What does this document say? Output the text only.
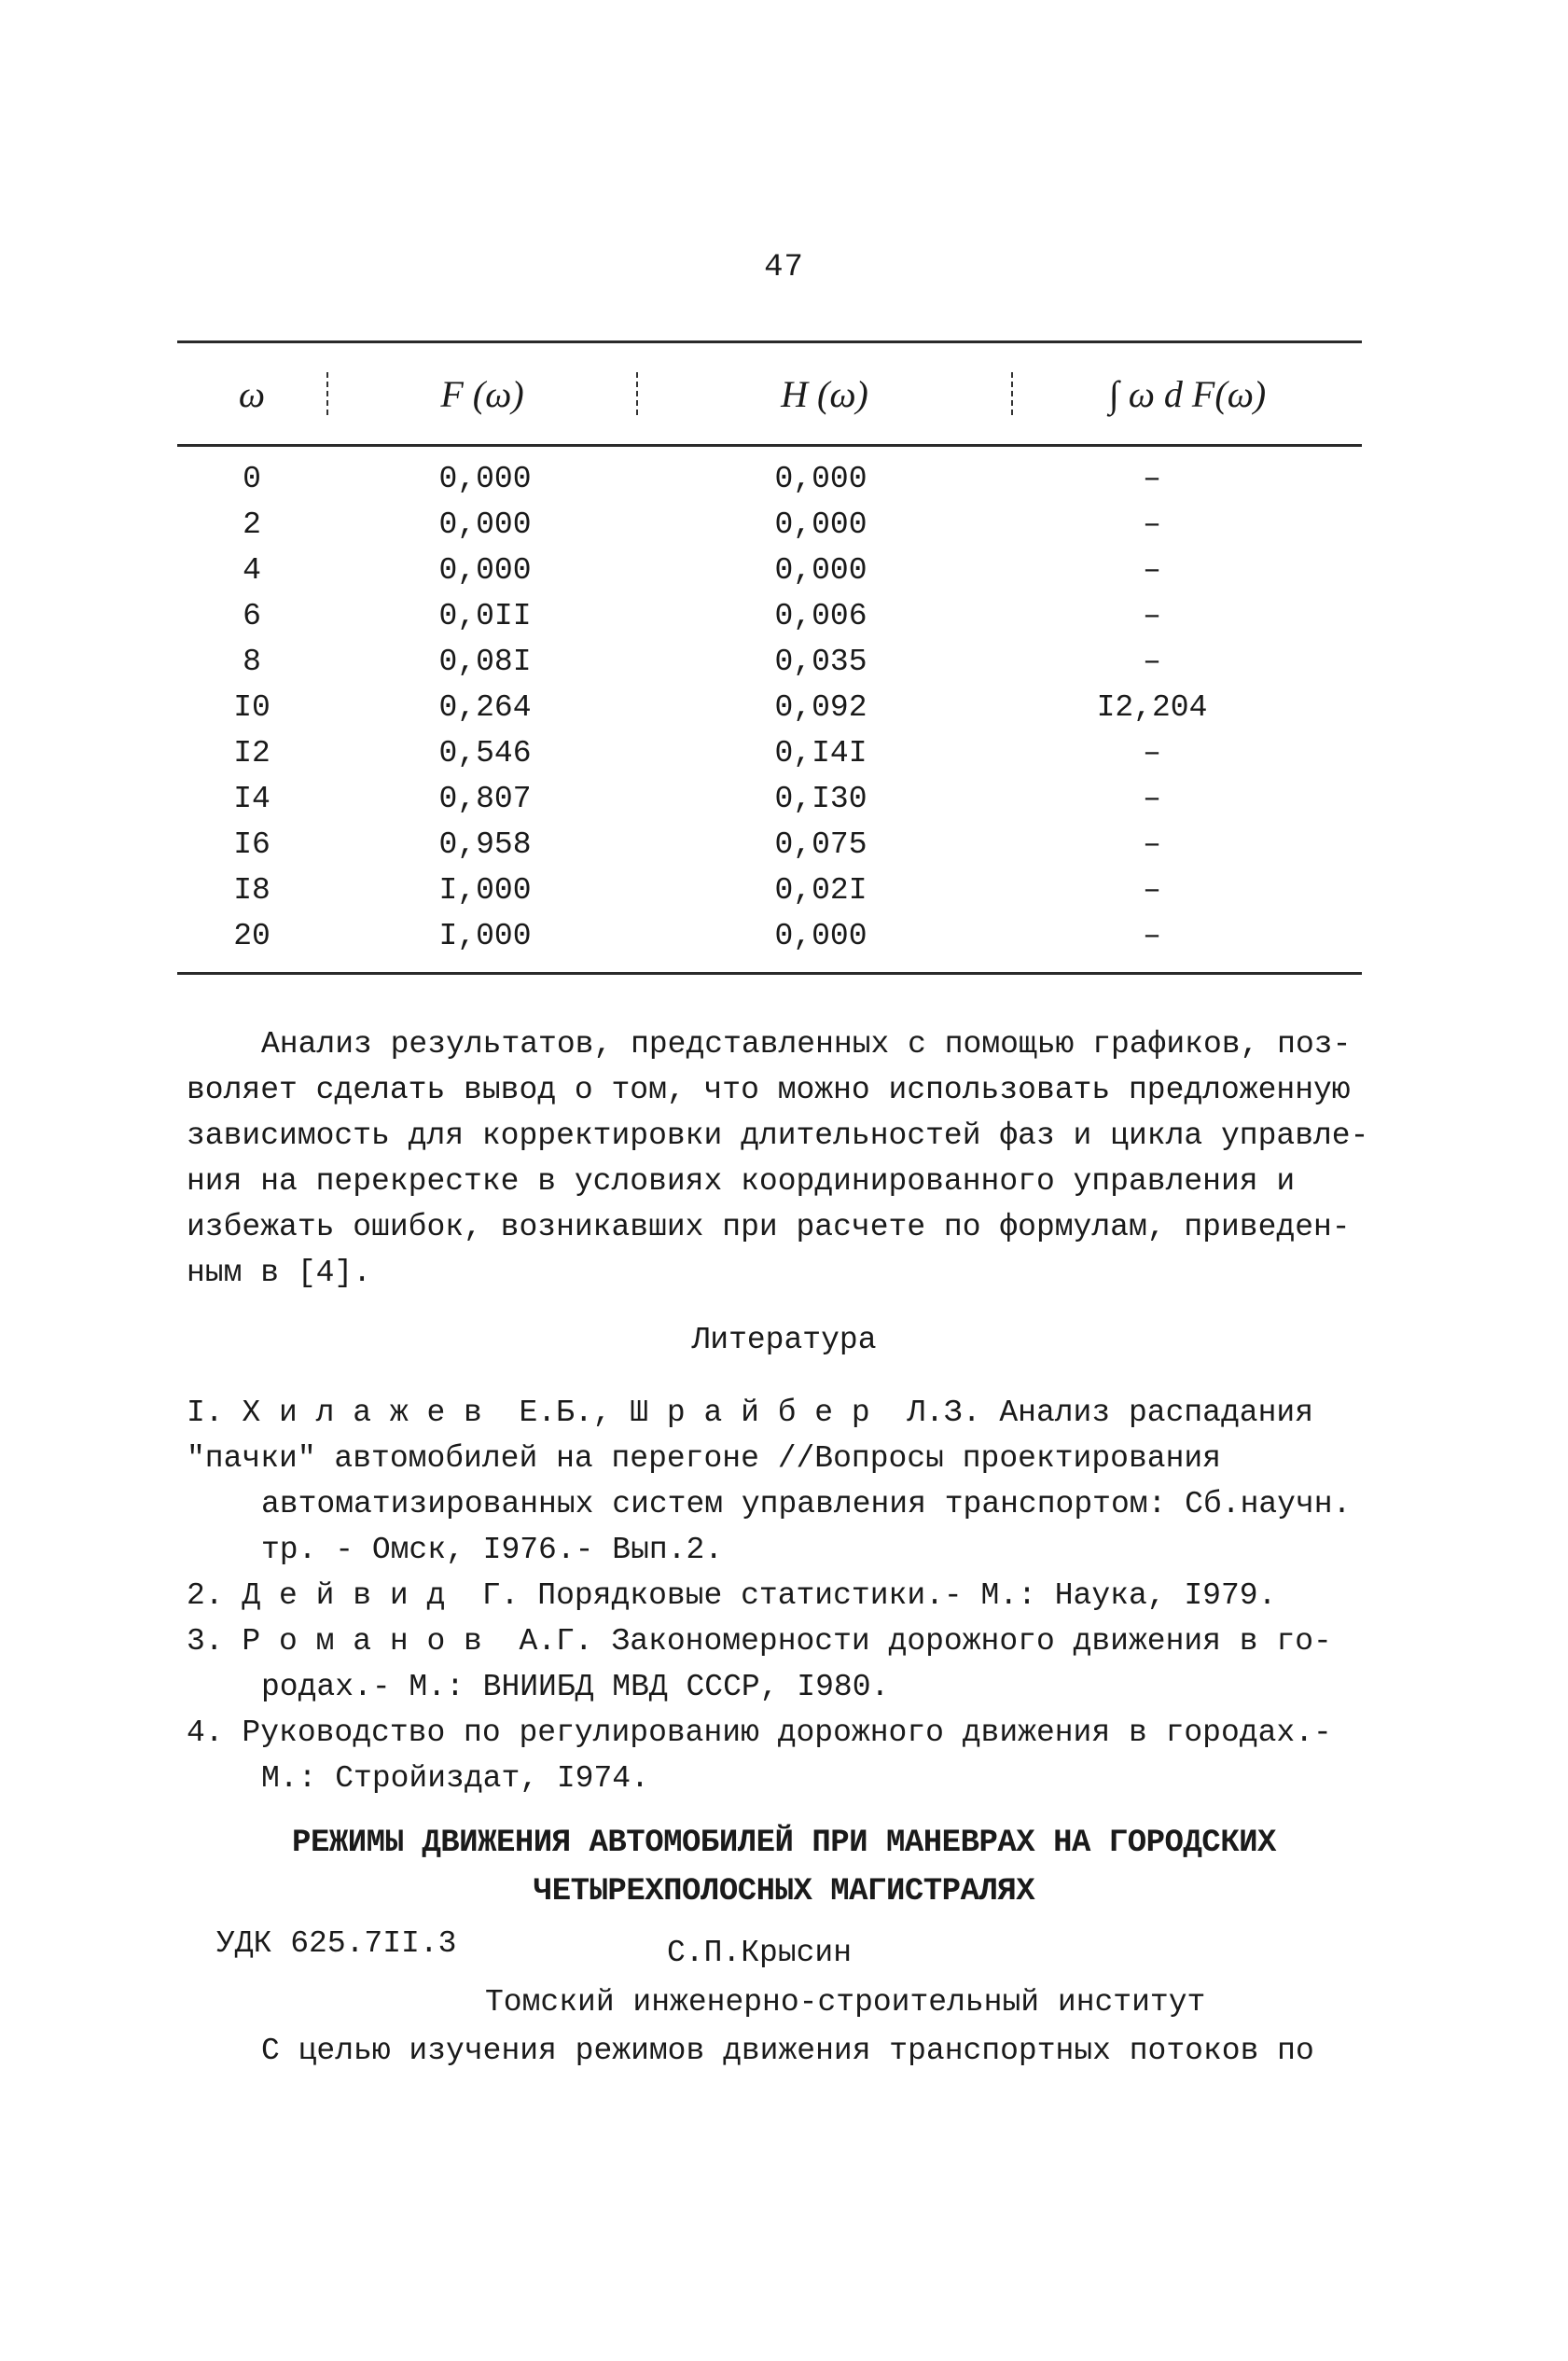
47
ω	F (ω)	H (ω)	∫ ω d F(ω)
0	0,000	0,000	–
2	0,000	0,000	–
4	0,000	0,000	–
6	0,0II	0,006	–
8	0,08I	0,035	–
I0	0,264	0,092	I2,204
I2	0,546	0,I4I	–
I4	0,807	0,I30	–
I6	0,958	0,075	–
I8	I,000	0,02I	–
20	I,000	0,000	–
Анализ результатов, представленных с помощью графиков, поз-
воляет сделать вывод о том, что можно использовать предложенную
зависимость для корректировки длительностей фаз и цикла управле-
ния на перекрестке в условиях координированного управления и
избежать ошибок, возникавших при расчете по формулам, приведен-
ным в [4].
Литература
I. Х и л а ж е в  Е.Б., Ш р а й б е р  Л.З. Анализ распадания
"пачки" автомобилей на перегоне //Вопросы проектирования
автоматизированных систем управления транспортом: Сб.научн.
тр. - Омск, I976.- Вып.2.
2. Д е й в и д  Г. Порядковые статистики.- М.: Наука, I979.
3. Р о м а н о в  А.Г. Закономерности дорожного движения в го-
родах.- М.: ВНИИБД МВД СССР, I980.
4. Руководство по регулированию дорожного движения в городах.-
М.: Стройиздат, I974.
РЕЖИМЫ ДВИЖЕНИЯ АВТОМОБИЛЕЙ ПРИ МАНЕВРАХ НА ГОРОДСКИХ
ЧЕТЫРЕХПОЛОСНЫХ МАГИСТРАЛЯХ
УДК 625.7II.3	С.П.Крысин
Томский инженерно-строительный институт
С целью изучения режимов движения транспортных потоков по
